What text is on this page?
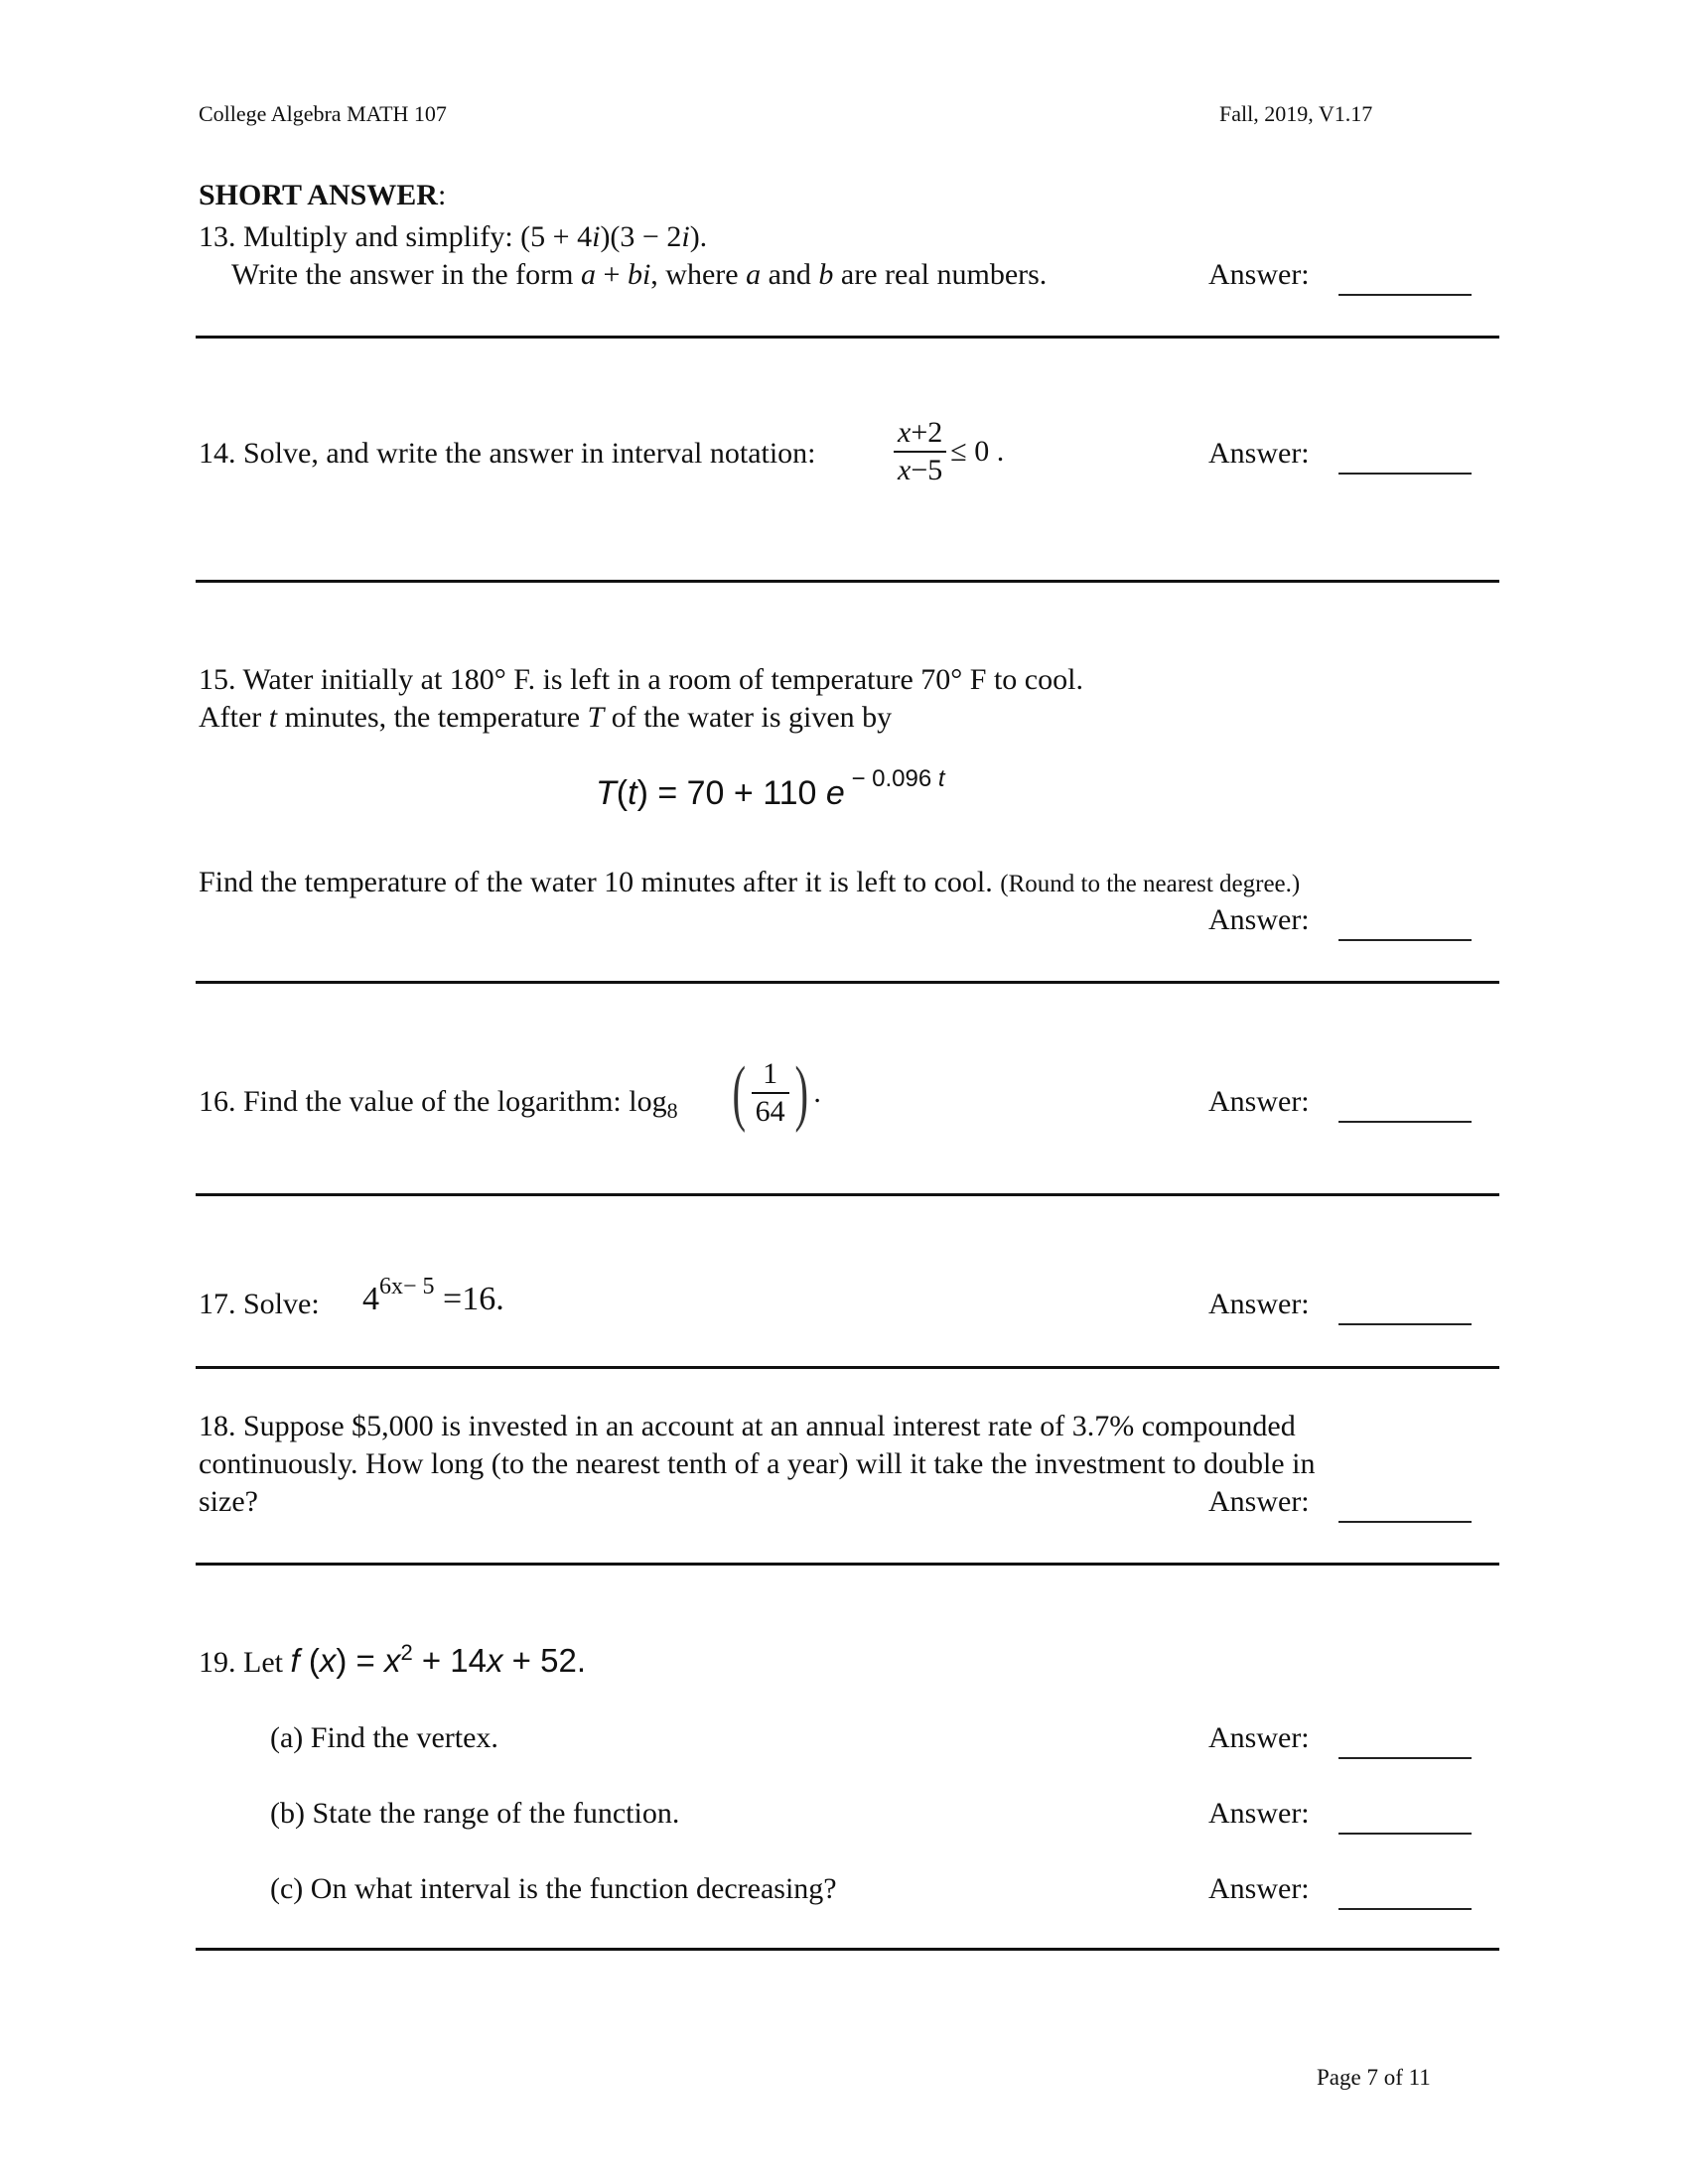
College Algebra MATH 107	Fall, 2019, V1.17
SHORT ANSWER:
13. Multiply and simplify: (5 + 4i)(3 − 2i).
Write the answer in the form a + bi, where a and b are real numbers.	Answer:
14. Solve, and write the answer in interval notation:	$\frac{x+2}{x-5} \le 0$ .	Answer:
15. Water initially at 180° F. is left in a room of temperature 70° F to cool.
After t minutes, the temperature T of the water is given by
T(t) = 70 + 110 e $^{- 0.096 t}$
Find the temperature of the water 10 minutes after it is left to cool. (Round to the nearest degree.)
Answer:
16. Find the value of the logarithm: $\log_8$ ( $\frac{1}{64}$ ) .	Answer:
17. Solve: $4^{6x- 5} =16$.	Answer:
18. Suppose $5,000 is invested in an account at an annual interest rate of 3.7% compounded
continuously. How long (to the nearest tenth of a year) will it take the investment to double in
size?	Answer:
19. Let f $(x) = x^2 + 14x + 52$.
(a) Find the vertex.	Answer:
(b) State the range of the function.	Answer:
(c) On what interval is the function decreasing?	Answer:
Page 7 of 11
